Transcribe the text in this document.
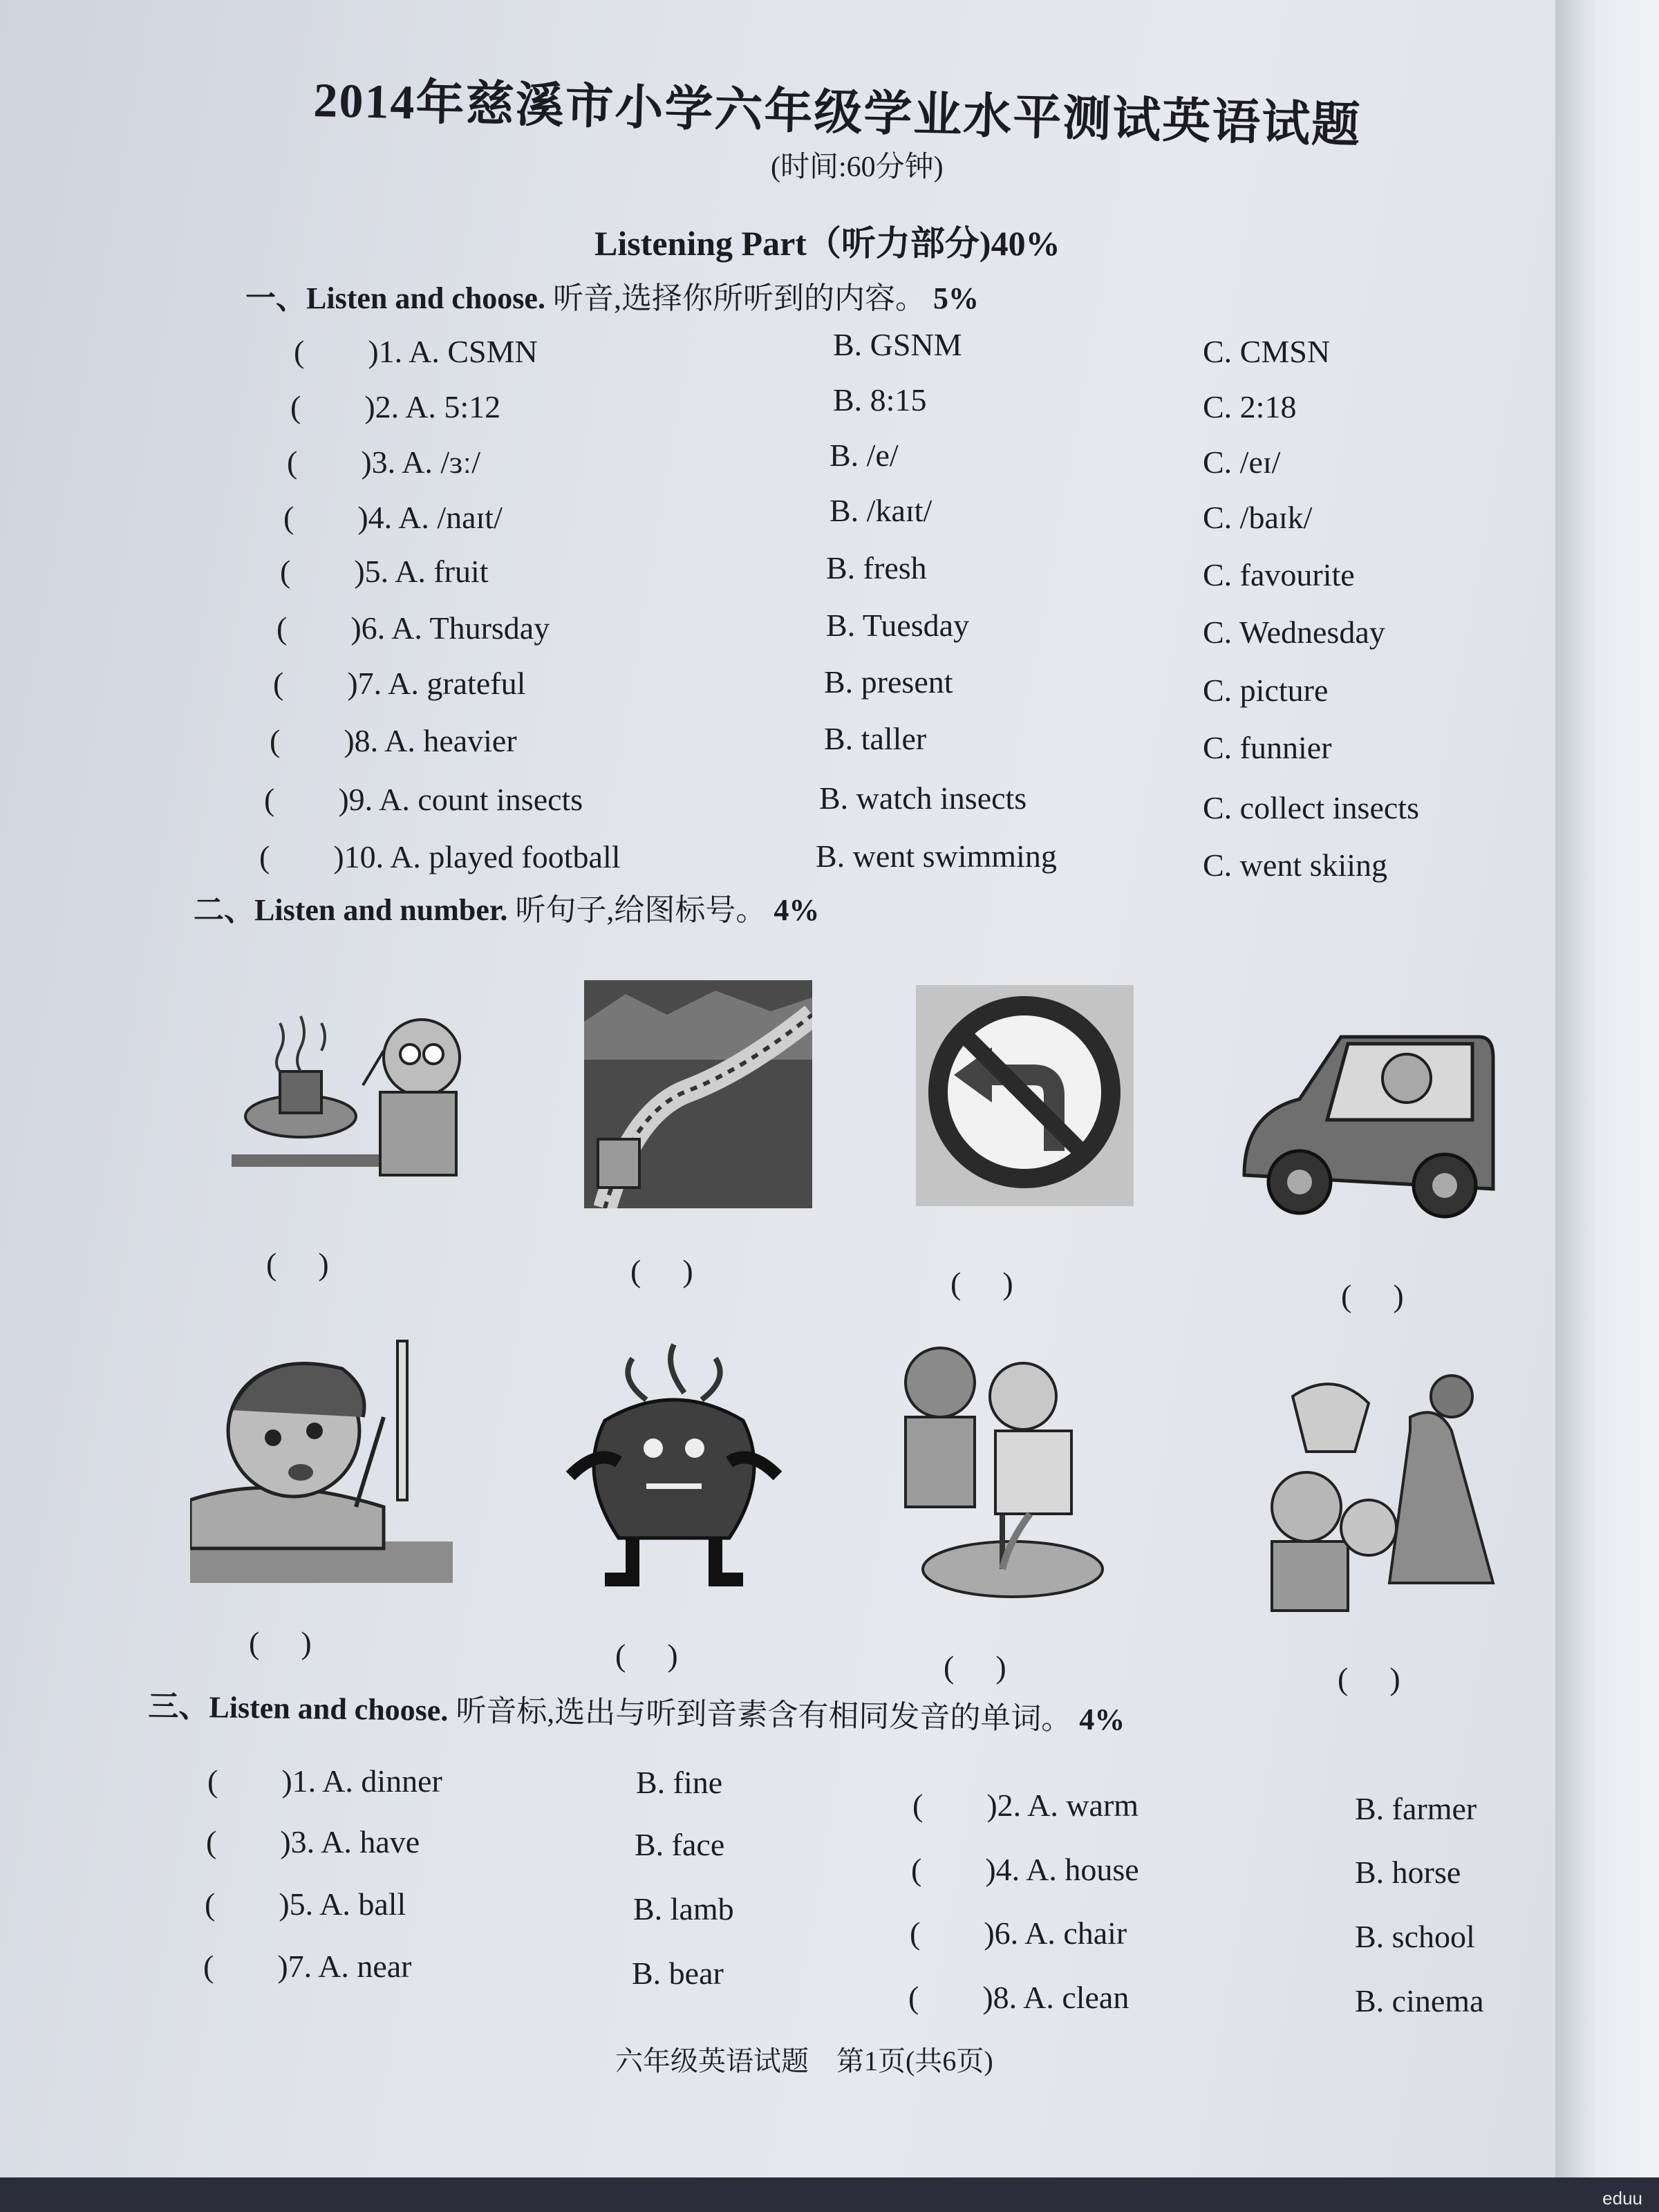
2014年慈溪市小学六年级学业水平测试英语试题
(时间:60分钟)
Listening Part（听力部分)40%
一、Listen and choose. 听音,选择你所听到的内容。 5%
(　　)1. A. CSMN	B. GSNM	C. CMSN
(　　)2. A. 5:12	B. 8:15	C. 2:18
(　　)3. A. /ɜː/	B. /e/	C. /eɪ/
(　　)4. A. /naɪt/	B. /kaɪt/	C. /baɪk/
(　　)5. A. fruit	B. fresh	C. favourite
(　　)6. A. Thursday	B. Tuesday	C. Wednesday
(　　)7. A. grateful	B. present	C. picture
(　　)8. A. heavier	B. taller	C. funnier
(　　)9. A. count insects	B. watch insects	C. collect insects
(　　)10. A. played football	B. went swimming	C. went skiing
二、Listen and number. 听句子,给图标号。 4%
()	()	()	()
()	()	()	()
三、Listen and choose. 听音标,选出与听到音素含有相同发音的单词。 4%
(　　)1. A. dinner	B. fine
(　　)2. A. warm	B. farmer
(　　)3. A. have	B. face
(　　)4. A. house	B. horse
(　　)5. A. ball	B. lamb
(　　)6. A. chair	B. school
(　　)7. A. near	B. bear
(　　)8. A. clean	B. cinema
六年级英语试题　第1页(共6页)
eduu
